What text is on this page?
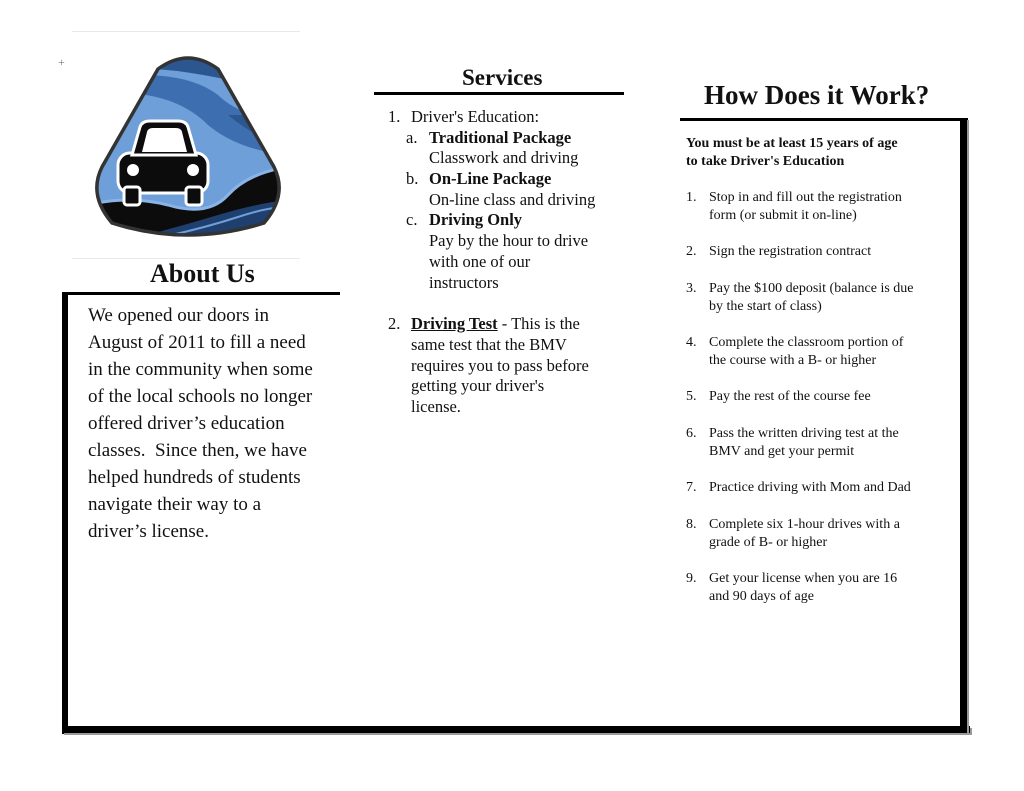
+
About Us
Services
How Does it Work?
We opened our doors in
August of 2011 to fill a need
in the community when some
of the local schools no longer
offered driver’s education
classes.  Since then, we have
helped hundreds of students
navigate their way to a
driver’s license.
1. Driver's Education:
a. Traditional Package
Classwork and driving
b. On-Line Package
On-line class and driving
c. Driving Only
Pay by the hour to drive
with one of our
instructors
2. Driving Test - This is the
same test that the BMV
requires you to pass before
getting your driver's
license.
You must be at least 15 years of age
to take Driver's Education
1. Stop in and fill out the registration
form (or submit it on-line)
2. Sign the registration contract
3. Pay the $100 deposit (balance is due
by the start of class)
4. Complete the classroom portion of
the course with a B- or higher
5. Pay the rest of the course fee
6. Pass the written driving test at the
BMV and get your permit
7. Practice driving with Mom and Dad
8. Complete six 1-hour drives with a
grade of B- or higher
9. Get your license when you are 16
and 90 days of age
